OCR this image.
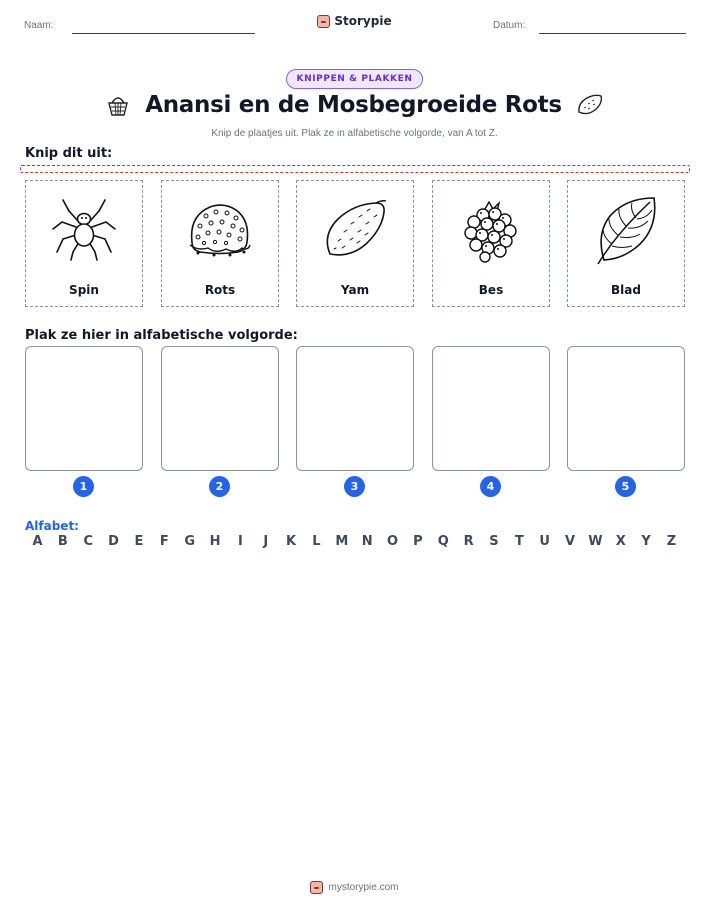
Naam:	Storypie	Datum:
KNIPPEN & PLAKKEN
Anansi en de Mosbegroeide Rots
Knip de plaatjes uit. Plak ze in alfabetische volgorde, van A tot Z.
Knip dit uit:
Spin	Rots	Yam	Bes	Blad
Plak ze hier in alfabetische volgorde:
1	2	3	4	5
Alfabet:
A	B	C	D	E	F	G	H	I	J	K	L	M	N	O	P	Q	R	S	T	U	V	W	X	Y	Z
mystorypie.com
